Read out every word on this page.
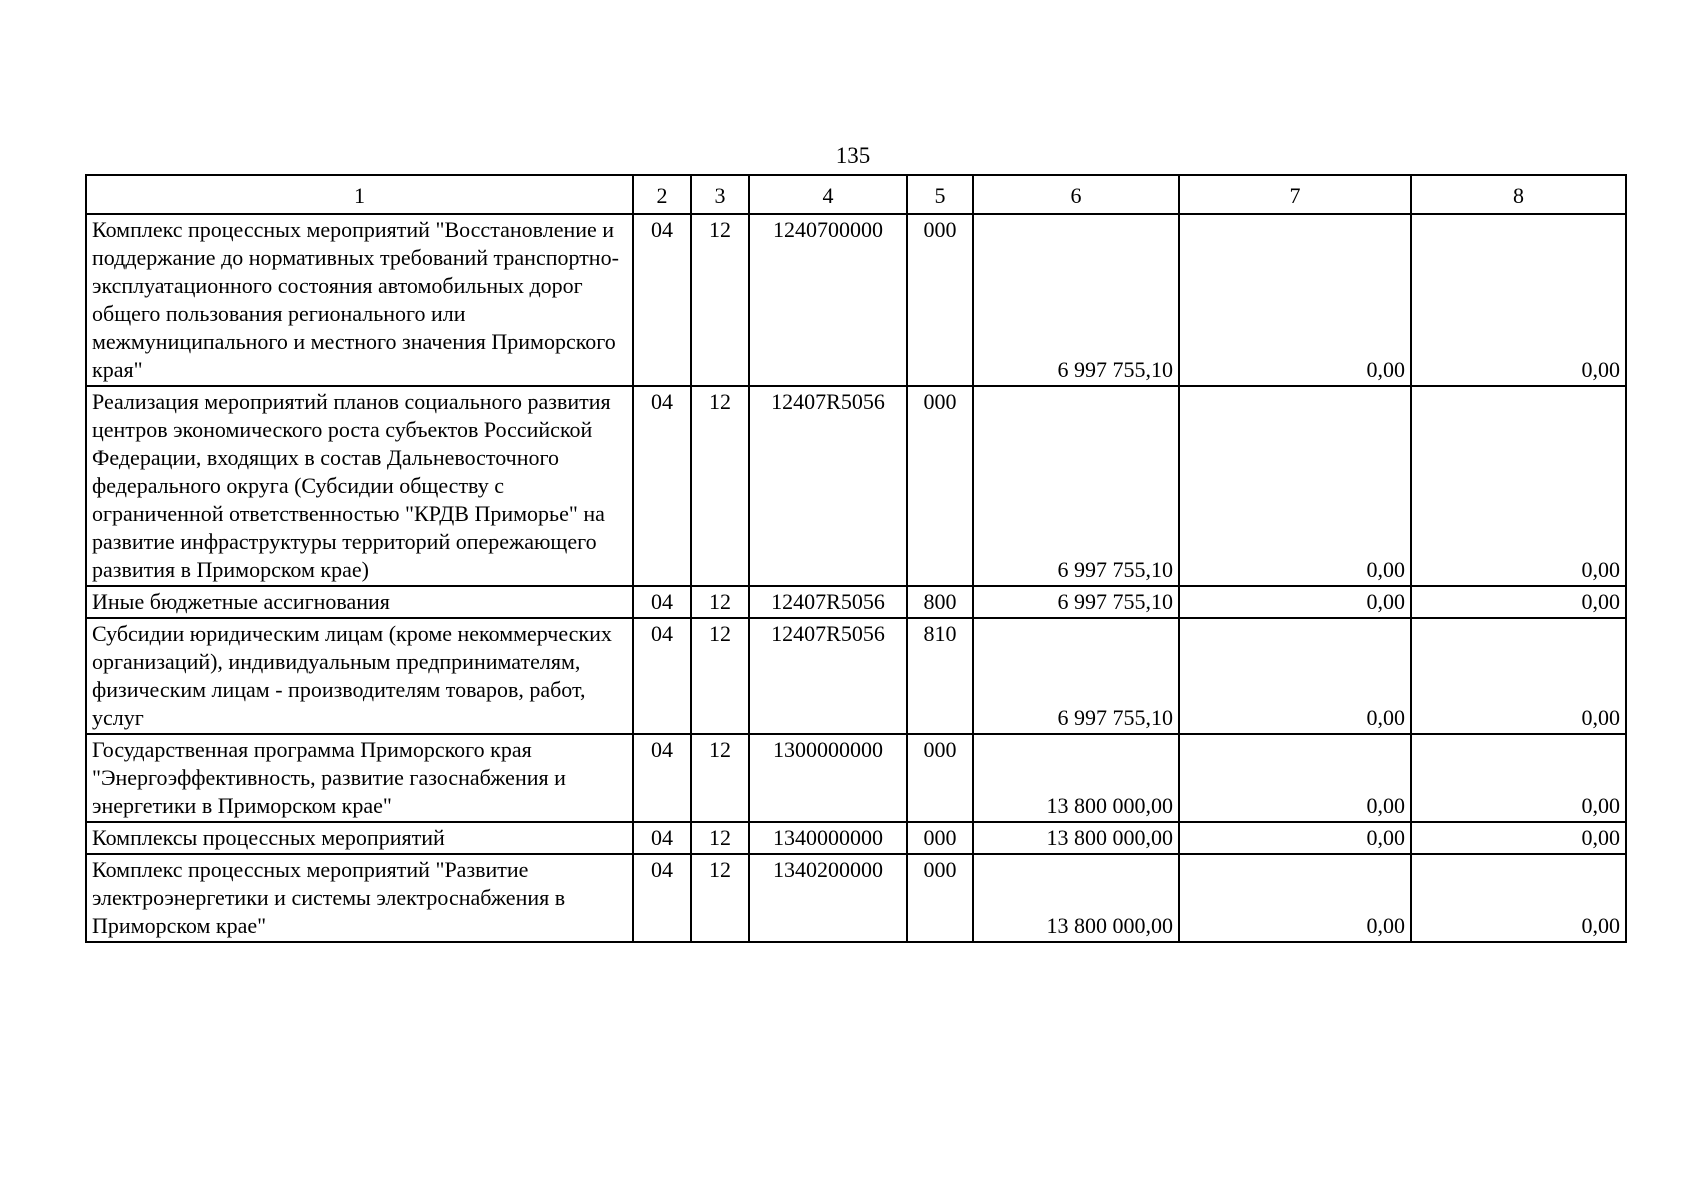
135
1	2	3	4	5	6	7	8
Комплекс процессных мероприятий "Восстановление и поддержание до нормативных требований транспортно-эксплуатационного состояния автомобильных дорог общего пользования регионального или межмуниципального и местного значения Приморского края"	04	12	1240700000	000	6 997 755,10	0,00	0,00
Реализация мероприятий планов социального развития центров экономического роста субъектов Российской Федерации, входящих в состав Дальневосточного федерального округа (Субсидии обществу с ограниченной ответственностью "КРДВ Приморье" на развитие инфраструктуры территорий опережающего развития в Приморском крае)	04	12	12407R5056	000	6 997 755,10	0,00	0,00
Иные бюджетные ассигнования	04	12	12407R5056	800	6 997 755,10	0,00	0,00
Субсидии юридическим лицам (кроме некоммерческих организаций), индивидуальным предпринимателям, физическим лицам - производителям товаров, работ, услуг	04	12	12407R5056	810	6 997 755,10	0,00	0,00
Государственная программа Приморского края "Энергоэффективность, развитие газоснабжения и энергетики в Приморском крае"	04	12	1300000000	000	13 800 000,00	0,00	0,00
Комплексы процессных мероприятий	04	12	1340000000	000	13 800 000,00	0,00	0,00
Комплекс процессных мероприятий "Развитие электроэнергетики и системы электроснабжения в Приморском крае"	04	12	1340200000	000	13 800 000,00	0,00	0,00
